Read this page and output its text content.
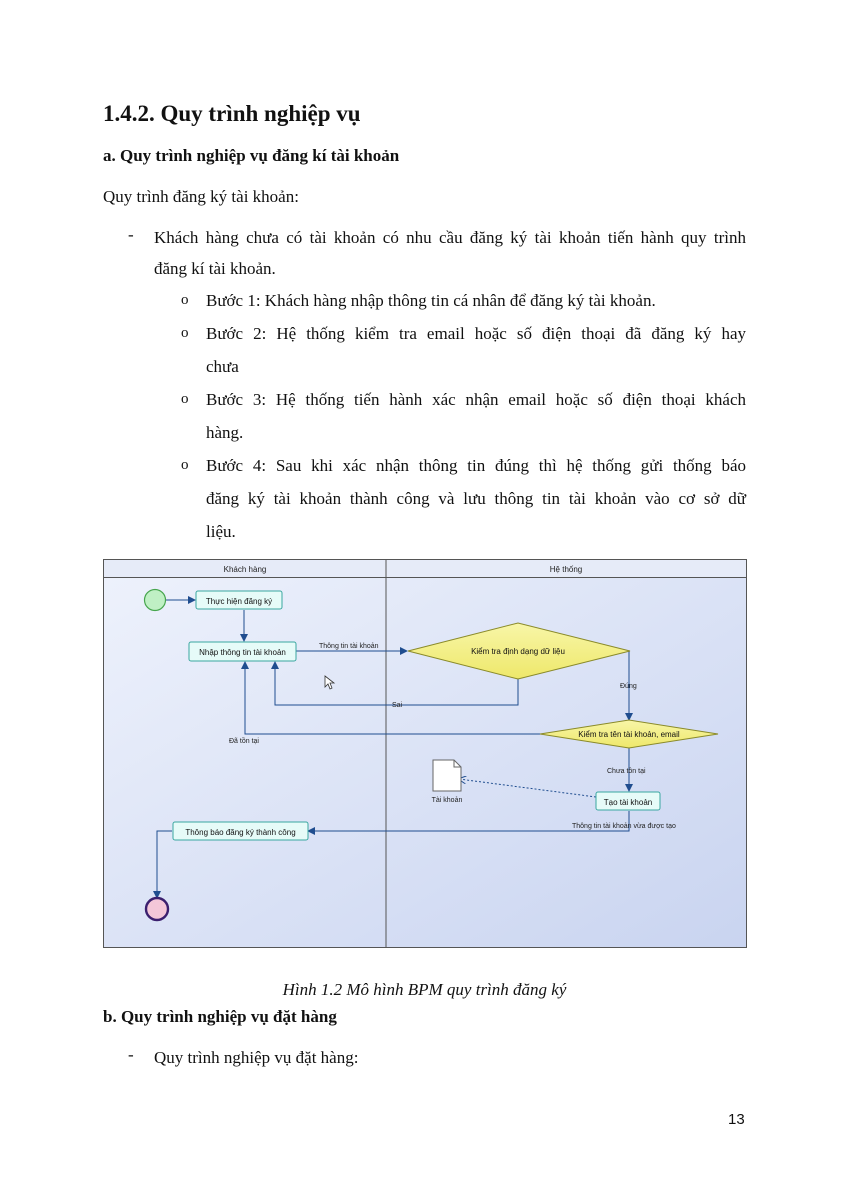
1.4.2. Quy trình nghiệp vụ
a. Quy trình nghiệp vụ đăng kí tài khoản

Quy trình đăng ký tài khoản:

- Khách hàng chưa có tài khoản có nhu cầu đăng ký tài khoản tiến hành quy trình

đăng kí tài khoản.

o Bước 1: Khách hàng nhập thông tin cá nhân để đăng ký tài khoản.

o Bước 2: Hệ thống kiểm tra email hoặc số điện thoại đã đăng ký hay

chưa

o Bước 3: Hệ thống tiến hành xác nhận email hoặc số điện thoại khách

hàng.

o Bước 4: Sau khi xác nhận thông tin đúng thì hệ thống gửi thống báo

đăng ký tài khoản thành công và lưu thông tin tài khoản vào cơ sở dữ

liệu.

Khách hàng	Hệ thống
Thông tin tài khoản
Sai
Đúng
Đã tồn tại
Chưa tồn tại
Thông tin tài khoản vừa được tạo
Thực hiện đăng ký
Nhập thông tin tài khoản
Tạo tài khoản
Thông báo đăng ký thành công
Kiểm tra định dạng dữ liệu
Kiểm tra tên tài khoản, email
Tài khoản

Hình 1.2 Mô hình BPM quy trình đăng ký

b. Quy trình nghiệp vụ đặt hàng
- Quy trình nghiệp vụ đặt hàng:

13
